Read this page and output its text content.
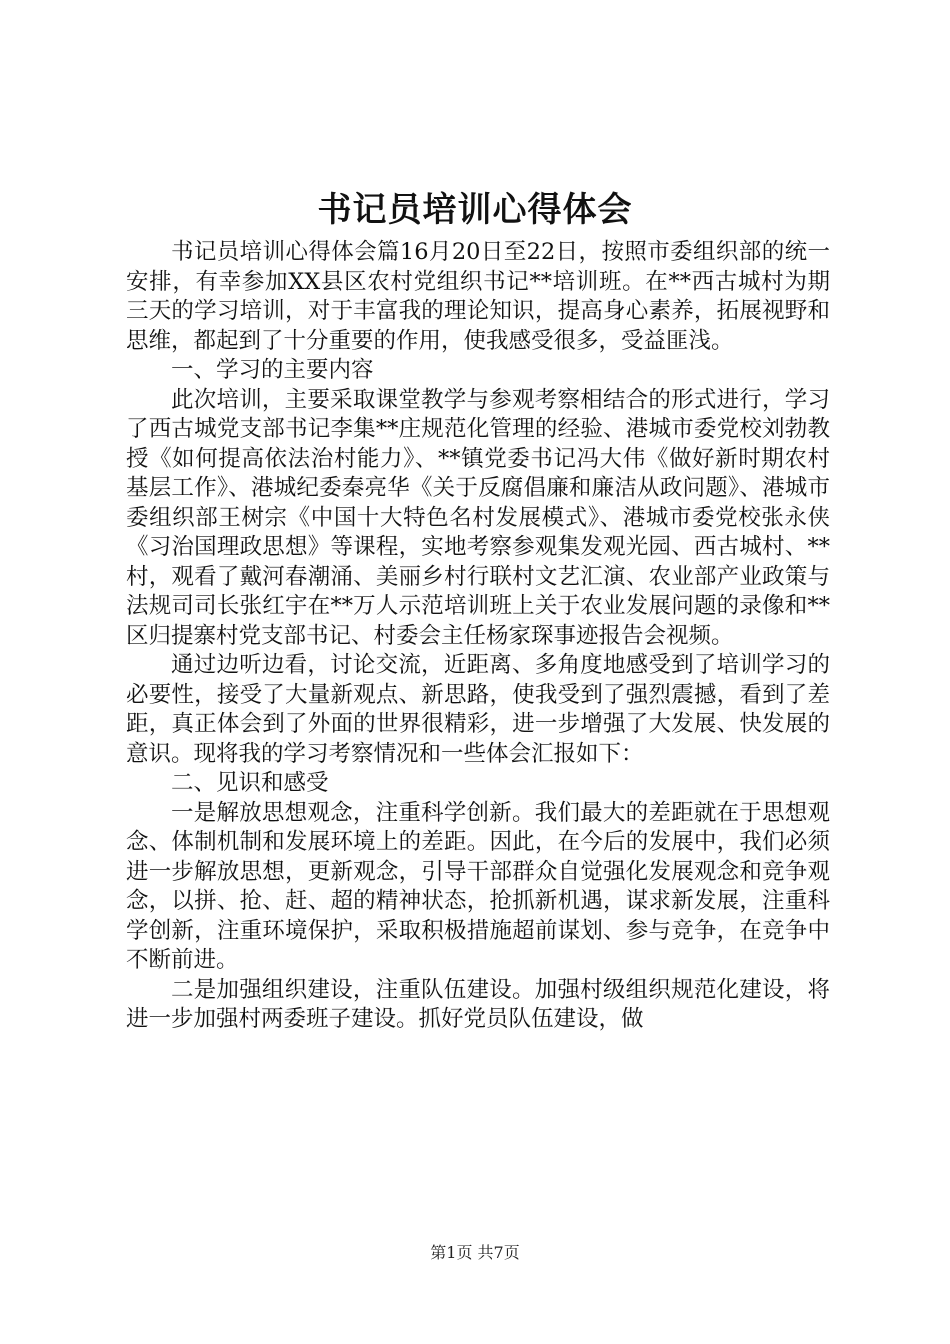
书记员培训心得体会

书记员培训心得体会篇16月20日至22日，按照市委组织部的统一安排，有幸参加XX县区农村党组织书记**培训班。在**西古城村为期三天的学习培训，对于丰富我的理论知识，提高身心素养，拓展视野和思维，都起到了十分重要的作用，使我感受很多，受益匪浅。

一、学习的主要内容

此次培训，主要采取课堂教学与参观考察相结合的形式进行，学习了西古城党支部书记李集**庄规范化管理的经验、港城市委党校刘勃教授《如何提高依法治村能力》、**镇党委书记冯大伟《做好新时期农村基层工作》、港城纪委秦亮华《关于反腐倡廉和廉洁从政问题》、港城市委组织部王树宗《中国十大特色名村发展模式》、港城市委党校张永侠《习治国理政思想》等课程，实地考察参观集发观光园、西古城村、**村，观看了戴河春潮涌、美丽乡村行联村文艺汇演、农业部产业政策与法规司司长张红宇在**万人示范培训班上关于农业发展问题的录像和**区归提寨村党支部书记、村委会主任杨家琛事迹报告会视频。

通过边听边看，讨论交流，近距离、多角度地感受到了培训学习的必要性，接受了大量新观点、新思路，使我受到了强烈震撼，看到了差距，真正体会到了外面的世界很精彩，进一步增强了大发展、快发展的意识。现将我的学习考察情况和一些体会汇报如下：

二、见识和感受

一是解放思想观念，注重科学创新。我们最大的差距就在于思想观念、体制机制和发展环境上的差距。因此，在今后的发展中，我们必须进一步解放思想，更新观念，引导干部群众自觉强化发展观念和竞争观念，以拼、抢、赶、超的精神状态，抢抓新机遇，谋求新发展，注重科学创新，注重环境保护，采取积极措施超前谋划、参与竞争，在竞争中不断前进。

二是加强组织建设，注重队伍建设。加强村级组织规范化建设，将进一步加强村两委班子建设。抓好党员队伍建设，做

第1页 共7页
